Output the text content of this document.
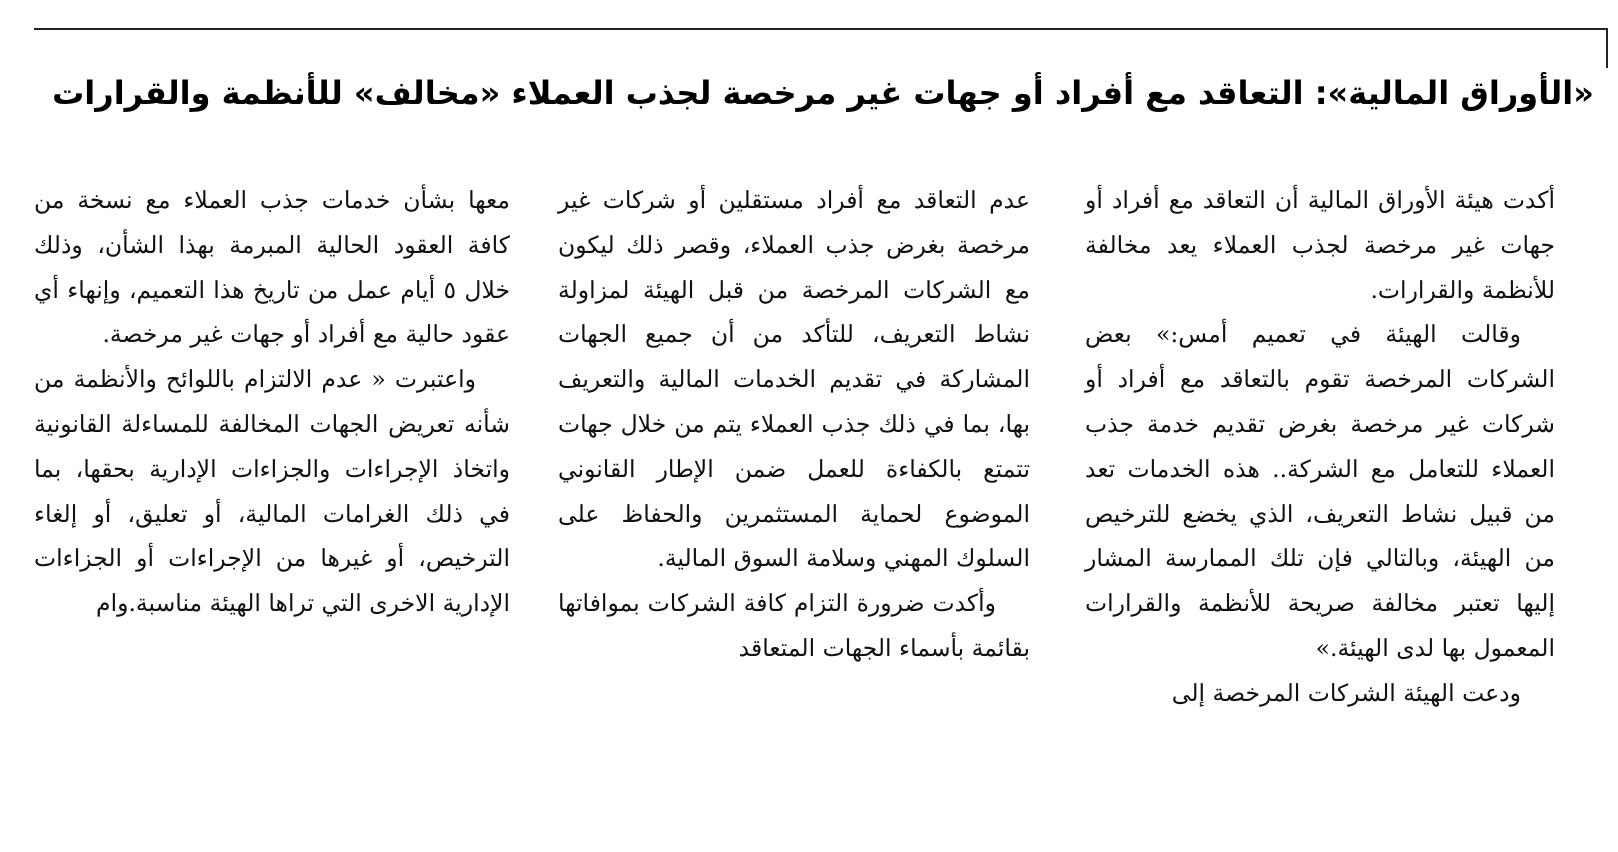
«الأوراق المالية»: التعاقد مع أفراد أو جهات غير مرخصة لجذب العملاء «مخالف» للأنظمة والقرارات

أكدت هيئة الأوراق المالية أن التعاقد مع أفراد أو جهات غير مرخصة لجذب العملاء يعد مخالفة للأنظمة والقرارات.

وقالت الهيئة في تعميم أمس:» بعض الشركات المرخصة تقوم بالتعاقد مع أفراد أو شركات غير مرخصة بغرض تقديم خدمة جذب العملاء للتعامل مع الشركة.. هذه الخدمات تعد من قبيل نشاط التعريف، الذي يخضع للترخيص من الهيئة، وبالتالي فإن تلك الممارسة المشار إليها تعتبر مخالفة صريحة للأنظمة والقرارات المعمول بها لدى الهيئة.»

ودعت الهيئة الشركات المرخصة إلى

عدم التعاقد مع أفراد مستقلين أو شركات غير مرخصة بغرض جذب العملاء، وقصر ذلك ليكون مع الشركات المرخصة من قبل الهيئة لمزاولة نشاط التعريف، للتأكد من أن جميع الجهات المشاركة في تقديم الخدمات المالية والتعريف بها، بما في ذلك جذب العملاء يتم من خلال جهات تتمتع بالكفاءة للعمل ضمن الإطار القانوني الموضوع لحماية المستثمرين والحفاظ على السلوك المهني وسلامة السوق المالية.

وأكدت ضرورة التزام كافة الشركات بموافاتها بقائمة بأسماء الجهات المتعاقد

معها بشأن خدمات جذب العملاء مع نسخة من كافة العقود الحالية المبرمة بهذا الشأن، وذلك خلال ٥ أيام عمل من تاريخ هذا التعميم، وإنهاء أي عقود حالية مع أفراد أو جهات غير مرخصة.

واعتبرت « عدم الالتزام باللوائح والأنظمة من شأنه تعريض الجهات المخالفة للمساءلة القانونية واتخاذ الإجراءات والجزاءات الإدارية بحقها، بما في ذلك الغرامات المالية، أو تعليق، أو إلغاء الترخيص، أو غيرها من الإجراءات أو الجزاءات الإدارية الاخرى التي تراها الهيئة مناسبة.وام
